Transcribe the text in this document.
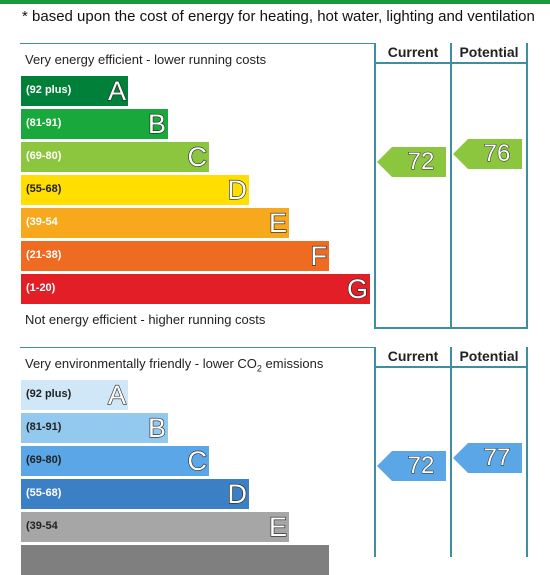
* based upon the cost of energy for heating, hot water, lighting and ventilation
Current	Potential
Very energy efficient - lower running costs
Not energy efficient - higher running costs
(92 plus) A
(81-91)	B
(69-80)	C
(55-68)	D
(39-54	E
(21-38)	F
(1-20)	G
72	76
Current	Potential
Very environmentally friendly - lower $CO_2$ emissions
(92 plus) A
(81-91)	B
(69-80)	C
(55-68)	D
(39-54	E
72	77
